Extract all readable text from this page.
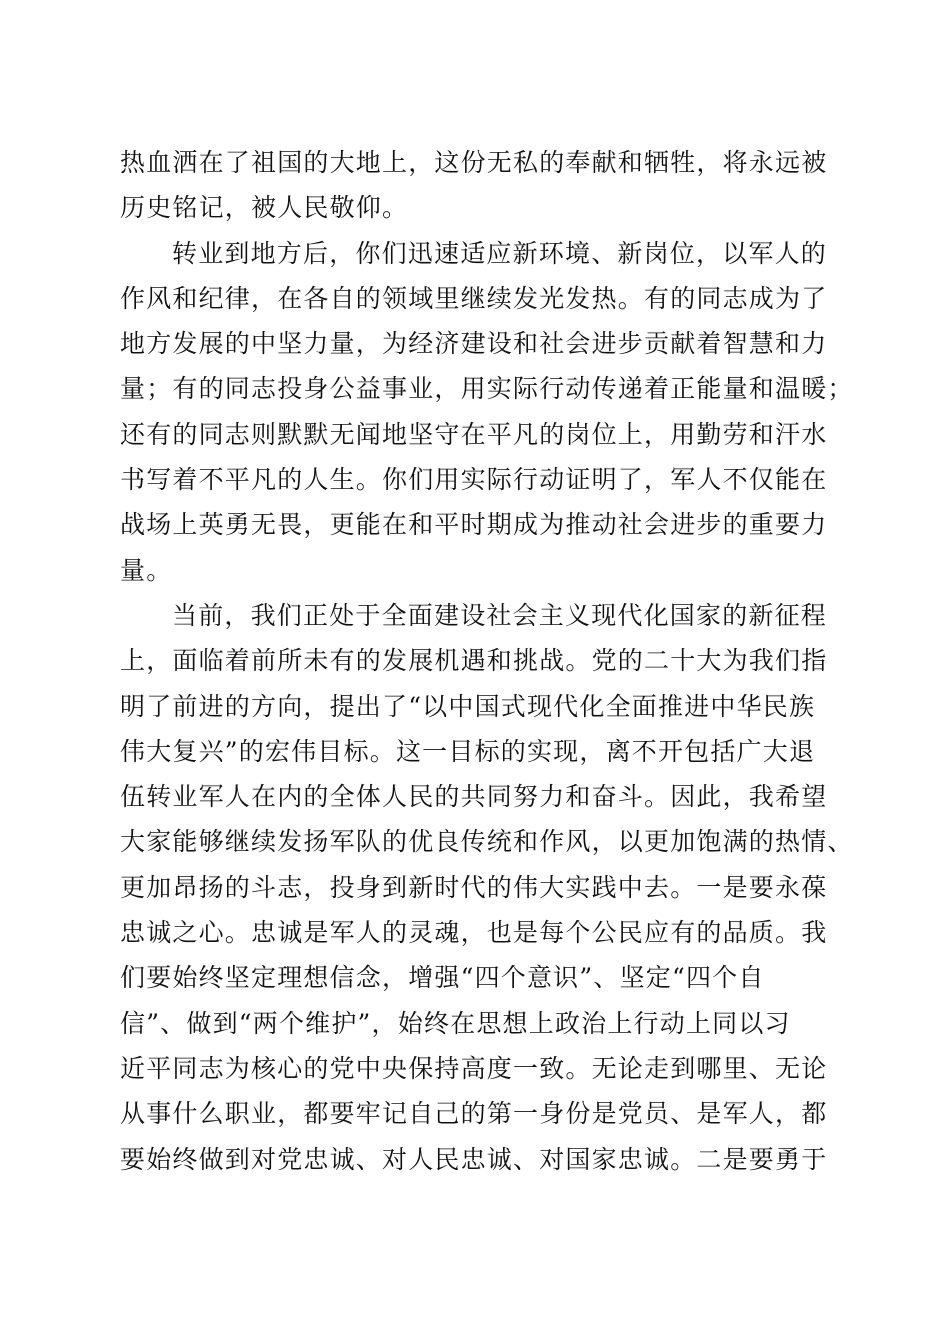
热血洒在了祖国的大地上，这份无私的奉献和牺牲，将永远被
历史铭记，被人民敬仰。
转业到地方后，你们迅速适应新环境、新岗位，以军人的
作风和纪律，在各自的领域里继续发光发热。有的同志成为了
地方发展的中坚力量，为经济建设和社会进步贡献着智慧和力
量；有的同志投身公益事业，用实际行动传递着正能量和温暖；
还有的同志则默默无闻地坚守在平凡的岗位上，用勤劳和汗水
书写着不平凡的人生。你们用实际行动证明了，军人不仅能在
战场上英勇无畏，更能在和平时期成为推动社会进步的重要力
量。
当前，我们正处于全面建设社会主义现代化国家的新征程
上，面临着前所未有的发展机遇和挑战。党的二十大为我们指
明了前进的方向，提出了“以中国式现代化全面推进中华民族
伟大复兴”的宏伟目标。这一目标的实现，离不开包括广大退
伍转业军人在内的全体人民的共同努力和奋斗。因此，我希望
大家能够继续发扬军队的优良传统和作风，以更加饱满的热情、
更加昂扬的斗志，投身到新时代的伟大实践中去。一是要永葆
忠诚之心。忠诚是军人的灵魂，也是每个公民应有的品质。我
们要始终坚定理想信念，增强“四个意识”、坚定“四个自
信”、做到“两个维护”，始终在思想上政治上行动上同以习
近平同志为核心的党中央保持高度一致。无论走到哪里、无论
从事什么职业，都要牢记自己的第一身份是党员、是军人，都
要始终做到对党忠诚、对人民忠诚、对国家忠诚。二是要勇于
